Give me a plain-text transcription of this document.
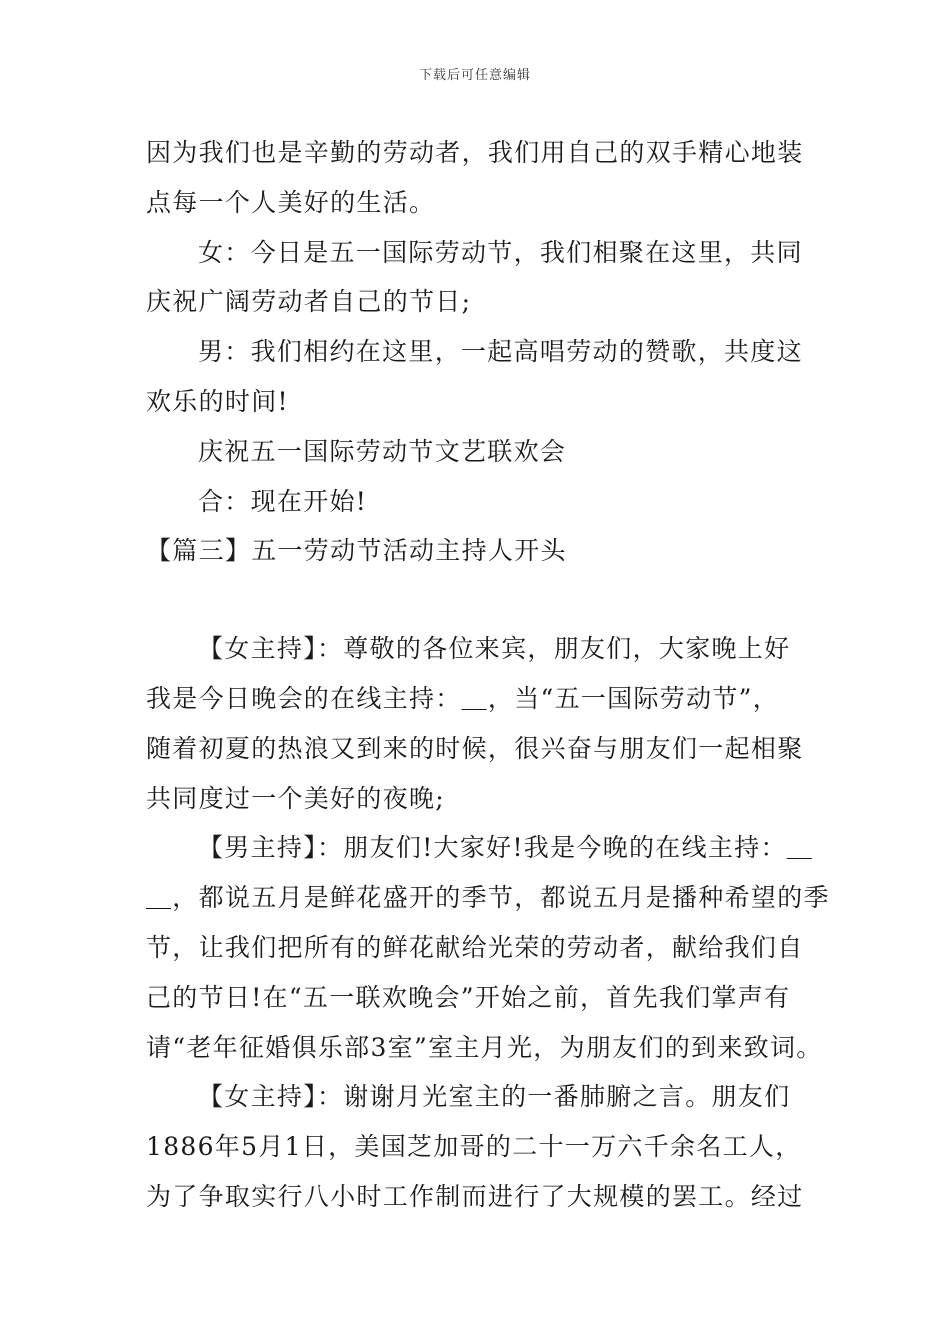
下载后可任意编辑

因为我们也是辛勤的劳动者，我们用自己的双手精心地装

点每一个人美好的生活。

女：今日是五一国际劳动节，我们相聚在这里，共同

庆祝广阔劳动者自己的节日;

男：我们相约在这里，一起高唱劳动的赞歌，共度这

欢乐的时间!

庆祝五一国际劳动节文艺联欢会

合：现在开始!

【篇三】五一劳动节活动主持人开头

【女主持】：尊敬的各位来宾，朋友们，大家晚上好

我是今日晚会的在线主持：＿，当“五一国际劳动节”，

随着初夏的热浪又到来的时候，很兴奋与朋友们一起相聚

共同度过一个美好的夜晚;

【男主持】：朋友们!大家好!我是今晚的在线主持：＿

＿，都说五月是鲜花盛开的季节，都说五月是播种希望的季

节，让我们把所有的鲜花献给光荣的劳动者，献给我们自

己的节日!在“五一联欢晚会”开始之前，首先我们掌声有

请“老年征婚俱乐部3室”室主月光，为朋友们的到来致词。

【女主持】：谢谢月光室主的一番肺腑之言。朋友们

1886年5月1日，美国芝加哥的二十一万六千余名工人，

为了争取实行八小时工作制而进行了大规模的罢工。经过
